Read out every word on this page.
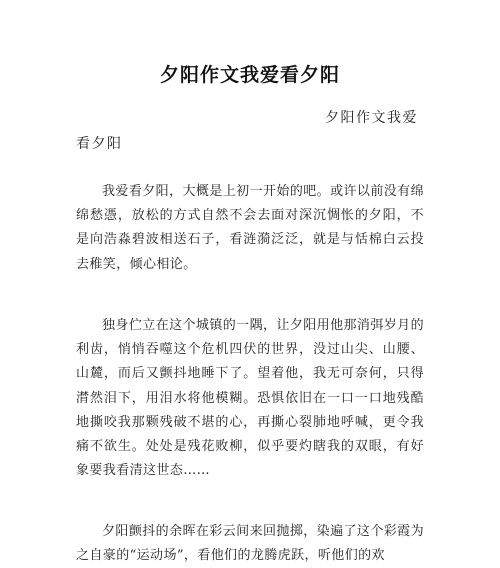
夕阳作文我爱看夕阳
夕阳作文我爱
看夕阳

我爱看夕阳，大概是上初一开始的吧。或许以前没有绵绵愁憑，放松的方式自然不会去面对深沉惆怅的夕阳，不是向浩淼碧波相送石子，看涟漪泛泛，就是与恬棉白云投去稚笑，倾心相论。

独身伫立在这个城镇的一隅，让夕阳用他那消弭岁月的利齿，悄悄吞噬这个危机四伏的世界，没过山尖、山腰、山麓，而后又颤抖地睡下了。望着他，我无可奈何，只得潸然泪下，用泪水将他模糊。恐惧依旧在一口一口地残酷地撕咬我那颗残破不堪的心，再撕心裂肺地呼喊，更令我痛不欲生。处处是残花败柳，似乎要灼瞎我的双眼，有好象要我看清这世态……

夕阳颤抖的余晖在彩云间来回抛掷，染遍了这个彩霞为之自豪的“运动场”，看他们的龙腾虎跃，听他们的欢
